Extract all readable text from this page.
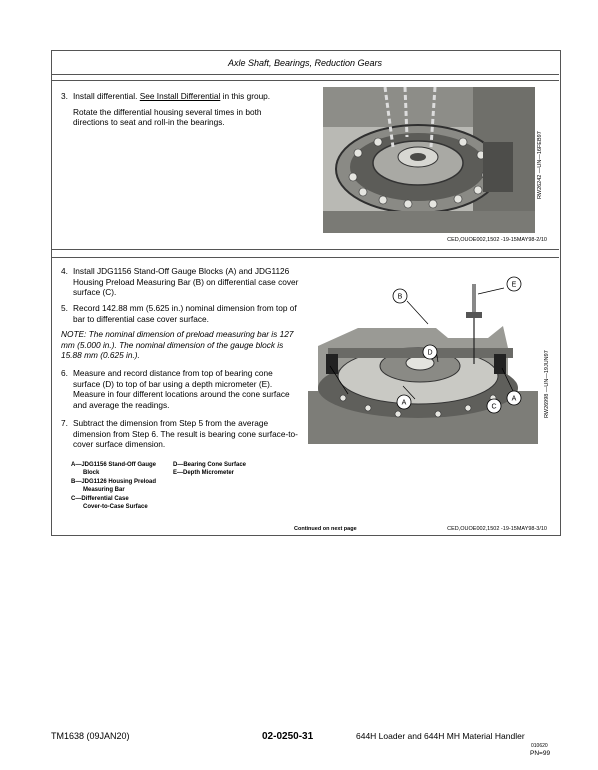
Axle Shaft, Bearings, Reduction Gears
3. Install differential. See Install Differential in this group.
Rotate the differential housing several times in both directions to seat and roll-in the bearings.
RW26242 —UN—16FEB97
CED,OUOE002,1502 -19-15MAY98-2/10
4. Install JDG1156 Stand-Off Gauge Blocks (A) and JDG1126 Housing Preload Measuring Bar (B) on differential case cover surface (C).
5. Record 142.88 mm (5.625 in.) nominal dimension from top of bar to differential case cover surface.
NOTE: The nominal dimension of preload measuring bar is 127 mm (5.000 in.). The nominal dimension of the gauge block is 15.88 mm (0.625 in.).
6. Measure and record distance from top of bearing cone surface (D) to top of bar using a depth micrometer (E). Measure in four different locations around the cone surface and average the readings.
7. Subtract the dimension from Step 5 from the average dimension from Step 6. The result is bearing cone surface-to-cover surface dimension.
A—JDG1156 Stand-Off Gauge
Block
B—JDG1126 Housing Preload
Measuring Bar
C—Differential Case
Cover-to-Case Surface
D—Bearing Cone Surface
E—Depth Micrometer
B
E
D
C
A
A	RW26998 —UN—19JUN97
Continued on next page	CED,OUOE002,1502 -19-15MAY98-3/10
TM1638 (09JAN20)	02-0250-31	644H Loader and 644H MH Material Handler
010620
PN=99
